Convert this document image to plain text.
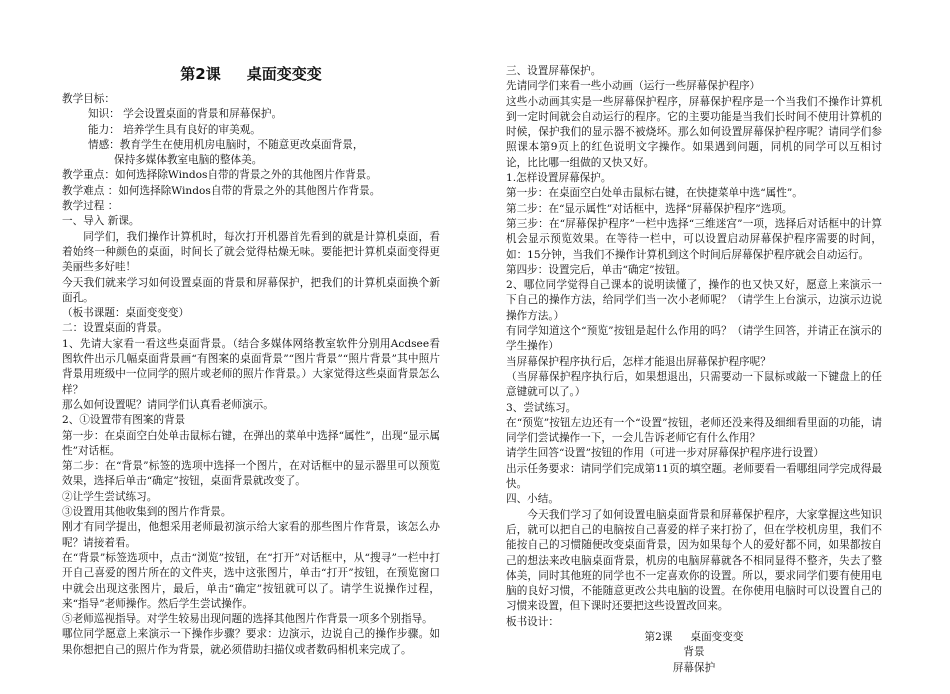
第2课 桌面变变变

教学目标：

知识： 学会设置桌面的背景和屏幕保护。

能力： 培养学生具有良好的审美观。

情感：教育学生在使用机房电脑时，不随意更改桌面背景，

保持多媒体教室电脑的整体美。

教学重点：如何选择除Windos自带的背景之外的其他图片作背景。

教学难点 ：如何选择除Windos自带的背景之外的其他图片作背景。

教学过程 ：

一、导入 新课。

同学们，我们操作计算机时，每次打开机器首先看到的就是计算机桌面，看着始终一种颜色的桌面，时间长了就会觉得枯燥无味。要能把计算机桌面变得更美丽些多好哇！

今天我们就来学习如何设置桌面的背景和屏幕保护，把我们的计算机桌面换个新面孔。

（板书课题：桌面变变变）

二：设置桌面的背景。

1、先请大家看一看这些桌面背景。（结合多媒体网络教室软件分别用Acdsee看图软件出示几幅桌面背景画“有图案的桌面背景”“图片背景”“照片背景”其中照片背景用班级中一位同学的照片或老师的照片作背景。）大家觉得这些桌面背景怎么样？

那么如何设置呢？请同学们认真看老师演示。

2、①设置带有图案的背景

第一步：在桌面空白处单击鼠标右键，在弹出的菜单中选择“属性”，出现“显示属性”对话框。

第二步：在“背景”标签的选项中选择一个图片，在对话框中的显示器里可以预览效果，选择后单击“确定”按钮，桌面背景就改变了。

②让学生尝试练习。

③设置用其他收集到的图片作背景。

刚才有同学提出，他想采用老师最初演示给大家看的那些图片作背景，该怎么办呢？请接着看。

在“背景”标签选项中，点击“浏览”按钮，在“打开”对话框中，从“搜寻”一栏中打开自己喜爱的图片所在的文件夹，选中这张图片，单击“打开”按钮，在预览窗口中就会出现这张图片，最后，单击“确定”按钮就可以了。请学生说操作过程，来“指导”老师操作。然后学生尝试操作。

⑤老师巡视指导。对学生较易出现问题的选择其他图片作背景一项多个别指导。

哪位同学愿意上来演示一下操作步骤？要求：边演示，边说自己的操作步骤。如果你想把自己的照片作为背景，就必须借助扫描仪或者数码相机来完成了。

三、设置屏幕保护。

先请同学们来看一些小动画（运行一些屏幕保护程序）

这些小动画其实是一些屏幕保护程序，屏幕保护程序是一个当我们不操作计算机到一定时间就会自动运行的程序。它的主要功能是当我们长时间不使用计算机的时候，保护我们的显示器不被烧坏。那么如何设置屏幕保护程序呢？请同学们参照课本第9页上的红色说明文字操作。如果遇到问题，同机的同学可以互相讨论，比比哪一组做的又快又好。

1.怎样设置屏幕保护。

第一步：在桌面空白处单击鼠标右键，在快捷菜单中选“属性”。

第二步：在“显示属性”对话框中，选择“屏幕保护程序”选项。

第三步：在“屏幕保护程序”一栏中选择“三维迷宫”一项，选择后对话框中的计算机会显示预览效果。在等待一栏中，可以设置启动屏幕保护程序需要的时间，如：15分钟，当我们不操作计算机到这个时间后屏幕保护程序就会自动运行。

第四步：设置完后，单击“确定”按钮。

2、哪位同学觉得自己课本的说明读懂了，操作的也又快又好，愿意上来演示一下自己的操作方法，给同学们当一次小老师呢？（请学生上台演示，边演示边说操作方法。）

有同学知道这个“预览”按钮是起什么作用的吗？（请学生回答，并请正在演示的学生操作）

当屏幕保护程序执行后，怎样才能退出屏幕保护程序呢？

（当屏幕保护程序执行后，如果想退出，只需要动一下鼠标或敲一下键盘上的任意键就可以了。）

3、尝试练习。

在“预览”按钮左边还有一个“设置”按钮，老师还没来得及细细看里面的功能，请同学们尝试操作一下，一会儿告诉老师它有什么作用？

请学生回答“设置”按钮的作用（可进一步对屏幕保护程序进行设置）

出示任务要求：请同学们完成第11页的填空题。老师要看一看哪组同学完成得最快。

四、小结。

今天我们学习了如何设置电脑桌面背景和屏幕保护程序，大家掌握这些知识后，就可以把自己的电脑按自己喜爱的样子来打扮了，但在学校机房里，我们不能按自己的习惯随便改变桌面背景，因为如果每个人的爱好都不同，如果都按自己的想法来改电脑桌面背景，机房的电脑屏幕就各不相同显得不整齐，失去了整体美，同时其他班的同学也不一定喜欢你的设置。所以，要求同学们要有使用电脑的良好习惯，不能随意更改公共电脑的设置。在你使用电脑时可以设置自己的习惯来设置，但下课时还要把这些设置改回来。

板书设计：

第2课 桌面变变变

背景

屏幕保护
